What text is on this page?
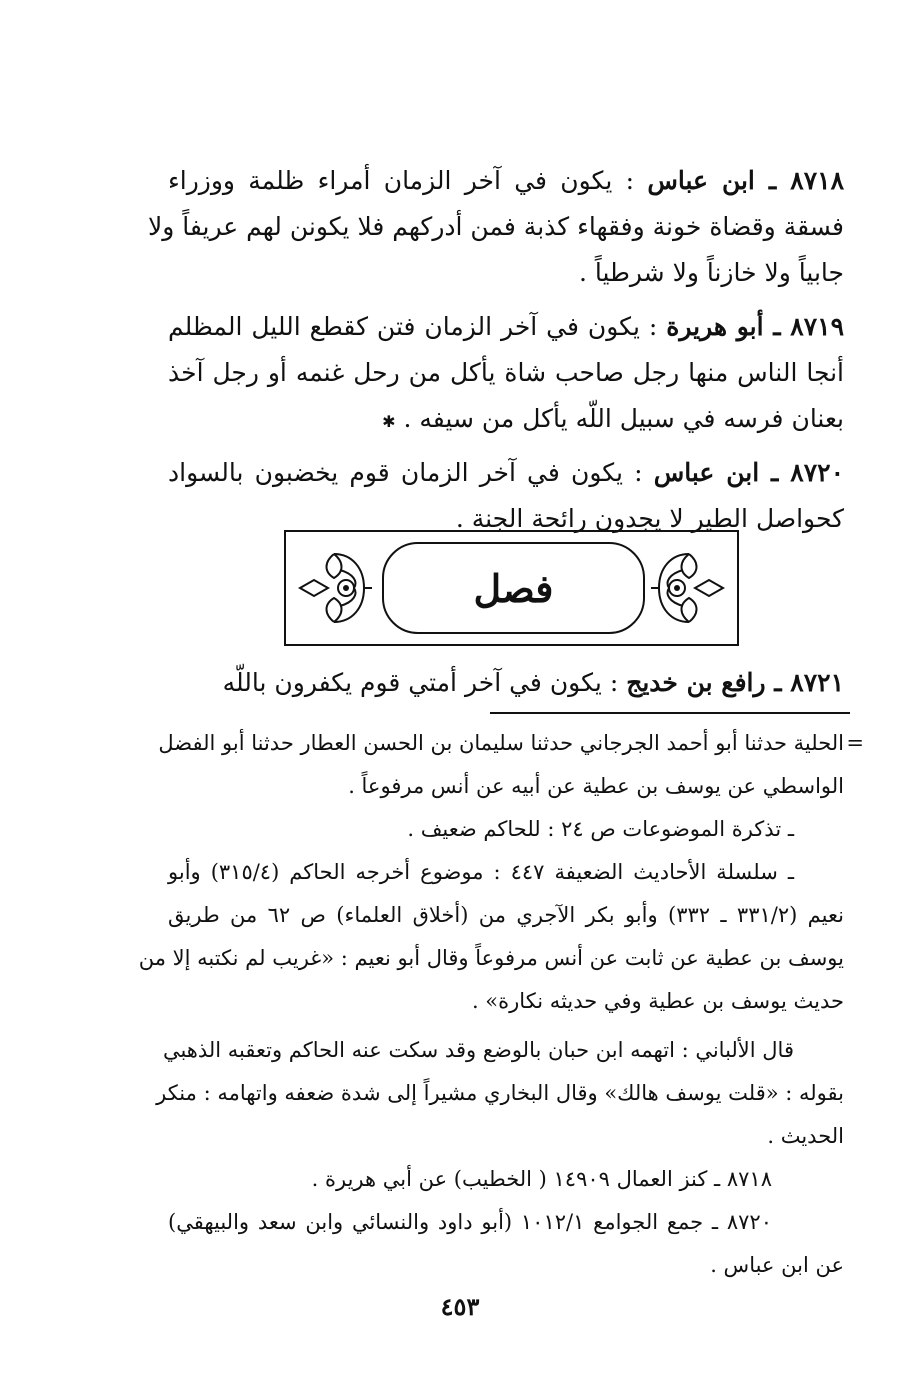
٨٧١٨ ـ ابن عباس : يكون في آخر الزمان أمراء ظلمة ووزراء
فسقة وقضاة خونة وفقهاء كذبة فمن أدركهم فلا يكونن لهم عريفاً ولا
جابياً ولا خازناً ولا شرطياً .
٨٧١٩ ـ أبو هريرة : يكون في آخر الزمان فتن كقطع الليل المظلم
أنجا الناس منها رجل صاحب شاة يأكل من رحل غنمه أو رجل آخذ
بعنان فرسه في سبيل اللّه يأكل من سيفه . ✱
٨٧٢٠ ـ ابن عباس : يكون في آخر الزمان قوم يخضبون بالسواد
كحواصل الطير لا يجدون رائحة الجنة .
فصل
٨٧٢١ ـ رافع بن خديج : يكون في آخر أمتي قوم يكفرون باللّه
=
الحلية حدثنا أبو أحمد الجرجاني حدثنا سليمان بن الحسن العطار حدثنا أبو الفضل
الواسطي عن يوسف بن عطية عن أبيه عن أنس مرفوعاً .
ـ تذكرة الموضوعات ص ٢٤ : للحاكم ضعيف .
ـ سلسلة الأحاديث الضعيفة ٤٤٧ : موضوع أخرجه الحاكم (٣١٥/٤) وأبو
نعيم (٣٣١/٢ ـ ٣٣٢) وأبو بكر الآجري من (أخلاق العلماء) ص ٦٢ من طريق
يوسف بن عطية عن ثابت عن أنس مرفوعاً وقال أبو نعيم : «غريب لم نكتبه إلا من
حديث يوسف بن عطية وفي حديثه نكارة» .
قال الألباني : اتهمه ابن حبان بالوضع وقد سكت عنه الحاكم وتعقبه الذهبي
بقوله : «قلت يوسف هالك» وقال البخاري مشيراً إلى شدة ضعفه واتهامه : منكر
الحديث .
٨٧١٨ ـ كنز العمال ١٤٩٠٩ ( الخطيب) عن أبي هريرة .
٨٧٢٠ ـ جمع الجوامع ١٠١٢/١ (أبو داود والنسائي وابن سعد والبيهقي)
عن ابن عباس .
٤٥٣
